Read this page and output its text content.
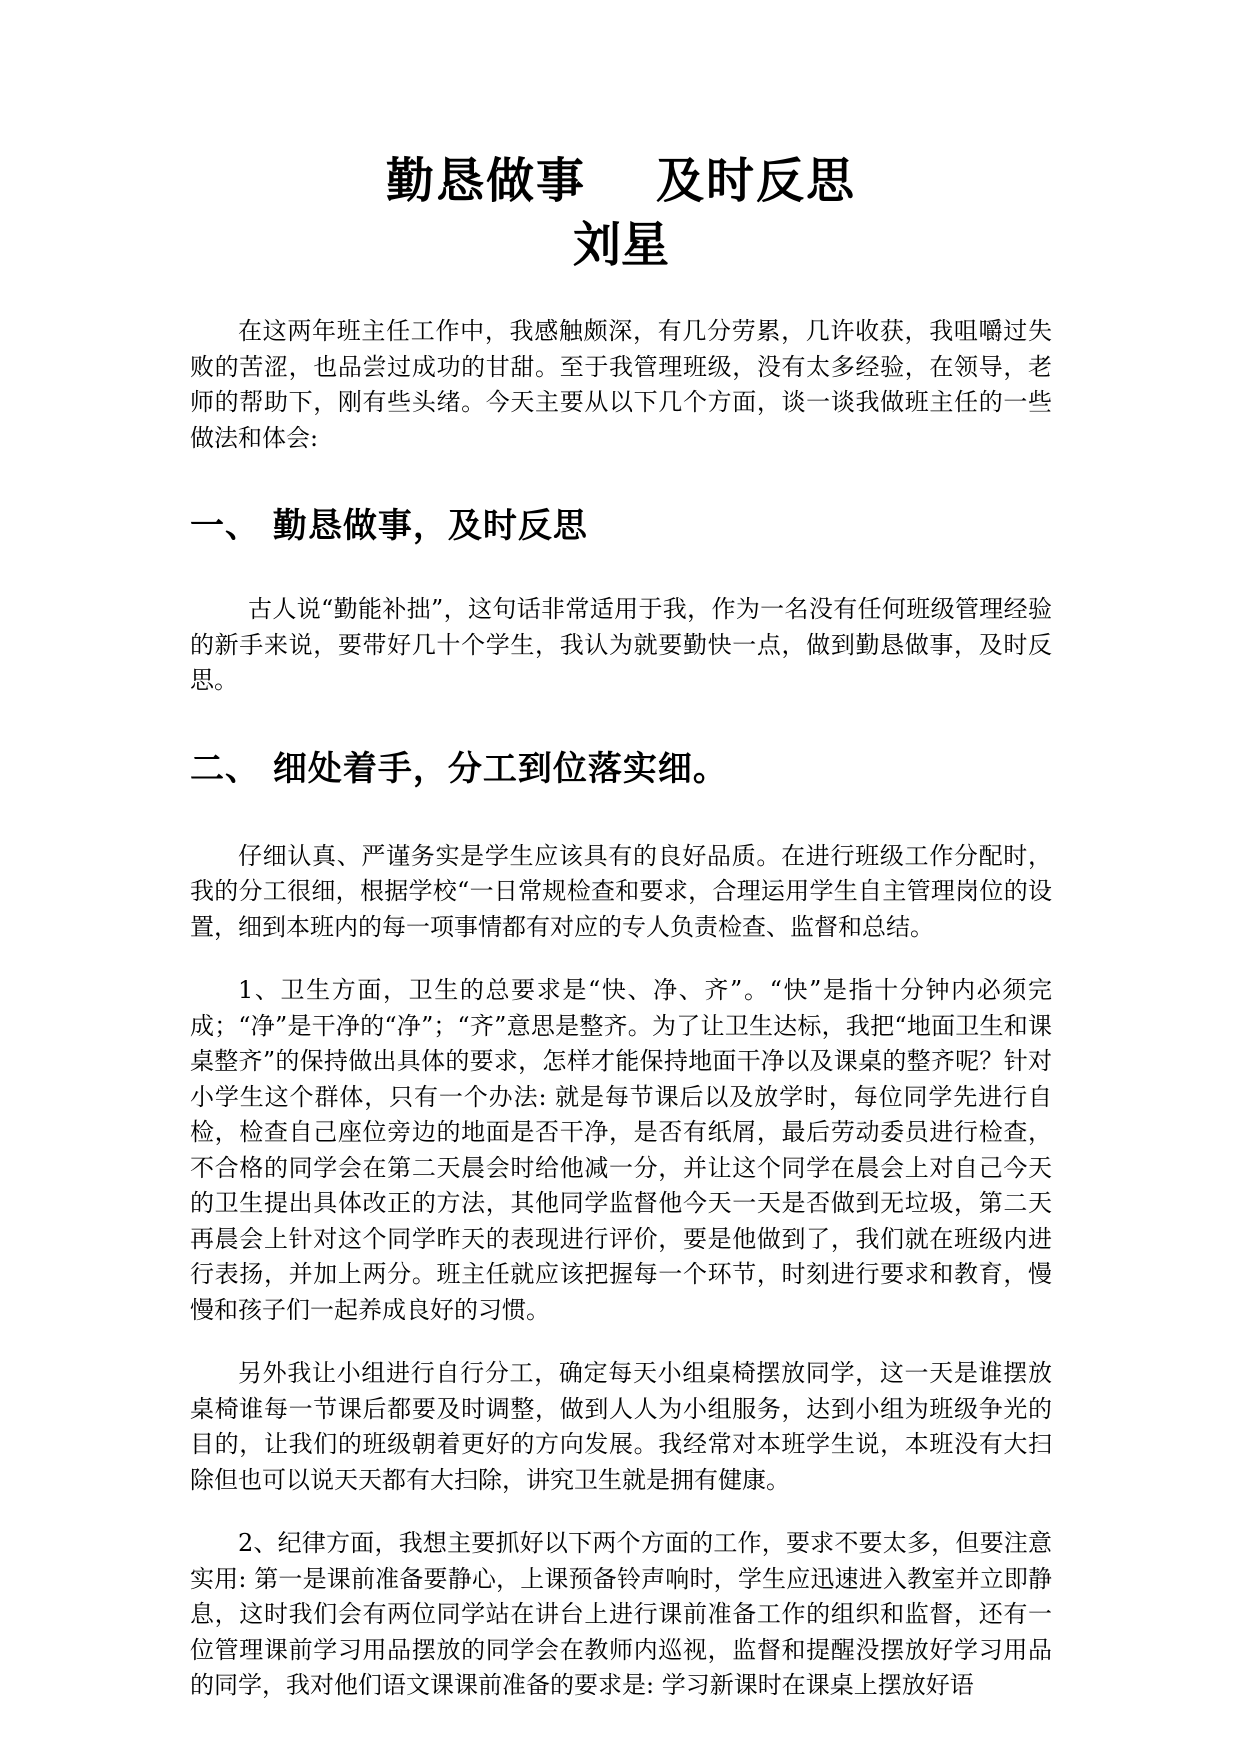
勤恳做事 及时反思
刘星

在这两年班主任工作中，我感触颇深，有几分劳累，几许收获，我咀嚼过失败的苦涩，也品尝过成功的甘甜。至于我管理班级，没有太多经验，在领导，老师的帮助下，刚有些头绪。今天主要从以下几个方面，谈一谈我做班主任的一些做法和体会:

一、 勤恳做事，及时反思

古人说“勤能补拙”，这句话非常适用于我，作为一名没有任何班级管理经验的新手来说，要带好几十个学生，我认为就要勤快一点，做到勤恳做事，及时反思。

二、 细处着手，分工到位落实细。

仔细认真、严谨务实是学生应该具有的良好品质。在进行班级工作分配时，我的分工很细，根据学校“一日常规检查和要求，合理运用学生自主管理岗位的设置，细到本班内的每一项事情都有对应的专人负责检查、监督和总结。

1、卫生方面，卫生的总要求是“快、净、齐”。“快”是指十分钟内必须完成；“净”是干净的“净”；“齐”意思是整齐。为了让卫生达标，我把“地面卫生和课桌整齐”的保持做出具体的要求，怎样才能保持地面干净以及课桌的整齐呢？针对小学生这个群体，只有一个办法: 就是每节课后以及放学时，每位同学先进行自检，检查自己座位旁边的地面是否干净，是否有纸屑，最后劳动委员进行检查，不合格的同学会在第二天晨会时给他减一分，并让这个同学在晨会上对自己今天的卫生提出具体改正的方法，其他同学监督他今天一天是否做到无垃圾，第二天再晨会上针对这个同学昨天的表现进行评价，要是他做到了，我们就在班级内进行表扬，并加上两分。班主任就应该把握每一个环节，时刻进行要求和教育，慢慢和孩子们一起养成良好的习惯。

另外我让小组进行自行分工，确定每天小组桌椅摆放同学，这一天是谁摆放桌椅谁每一节课后都要及时调整，做到人人为小组服务，达到小组为班级争光的目的，让我们的班级朝着更好的方向发展。我经常对本班学生说，本班没有大扫除但也可以说天天都有大扫除，讲究卫生就是拥有健康。

2、纪律方面，我想主要抓好以下两个方面的工作，要求不要太多，但要注意实用: 第一是课前准备要静心，上课预备铃声响时，学生应迅速进入教室并立即静息，这时我们会有两位同学站在讲台上进行课前准备工作的组织和监督，还有一位管理课前学习用品摆放的同学会在教师内巡视，监督和提醒没摆放好学习用品的同学，我对他们语文课课前准备的要求是: 学习新课时在课桌上摆放好语
